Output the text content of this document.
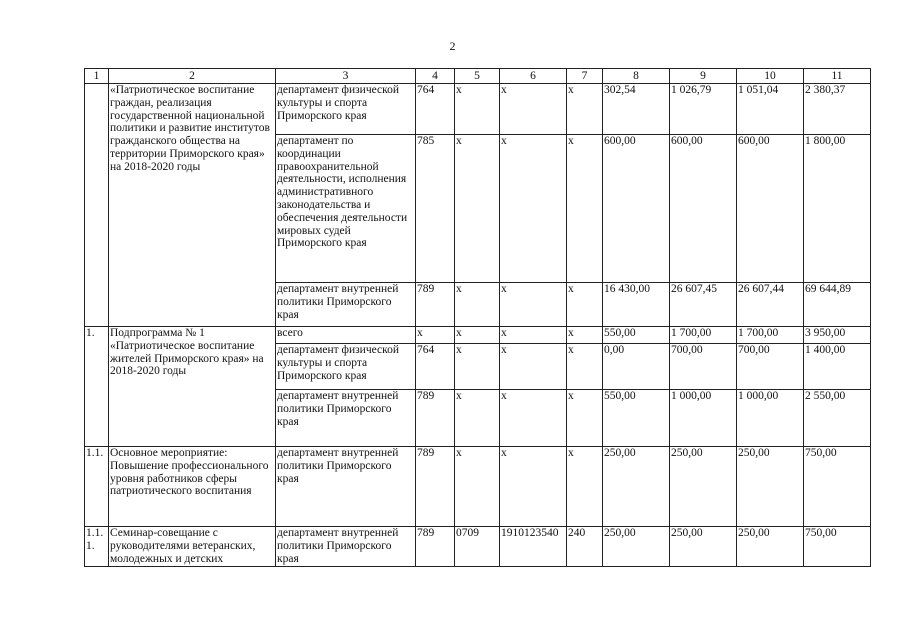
2
1	2	3	4	5	6	7	8	9	10	11
	«Патриотическое воспитание граждан, реализация государственной национальной политики и развитие институтов гражданского общества на территории Приморского края» на 2018-2020 годы	департамент физической культуры и спорта Приморского края	764	х	х	х	302,54	1 026,79	1 051,04	2 380,37
		департамент по координации правоохранительной деятельности, исполнения административного законодательства и обеспечения деятельности мировых судей Приморского края	785	х	х	х	600,00	600,00	600,00	1 800,00
		департамент внутренней политики Приморского края	789	х	х	х	16 430,00	26 607,45	26 607,44	69 644,89
1.	Подпрограмма № 1 «Патриотическое воспитание жителей Приморского края» на 2018-2020 годы	всего	х	х	х	х	550,00	1 700,00	1 700,00	3 950,00
		департамент физической культуры и спорта Приморского края	764	х	х	х	0,00	700,00	700,00	1 400,00
		департамент внутренней политики Приморского края	789	х	х	х	550,00	1 000,00	1 000,00	2 550,00
1.1.	Основное мероприятие: Повышение профессионального уровня работников сферы патриотического воспитания	департамент внутренней политики Приморского края	789	х	х	х	250,00	250,00	250,00	750,00
1.1.1.	Семинар-совещание с руководителями ветеранских, молодежных и детских	департамент внутренней политики Приморского края	789	0709	1910123540	240	250,00	250,00	250,00	750,00
